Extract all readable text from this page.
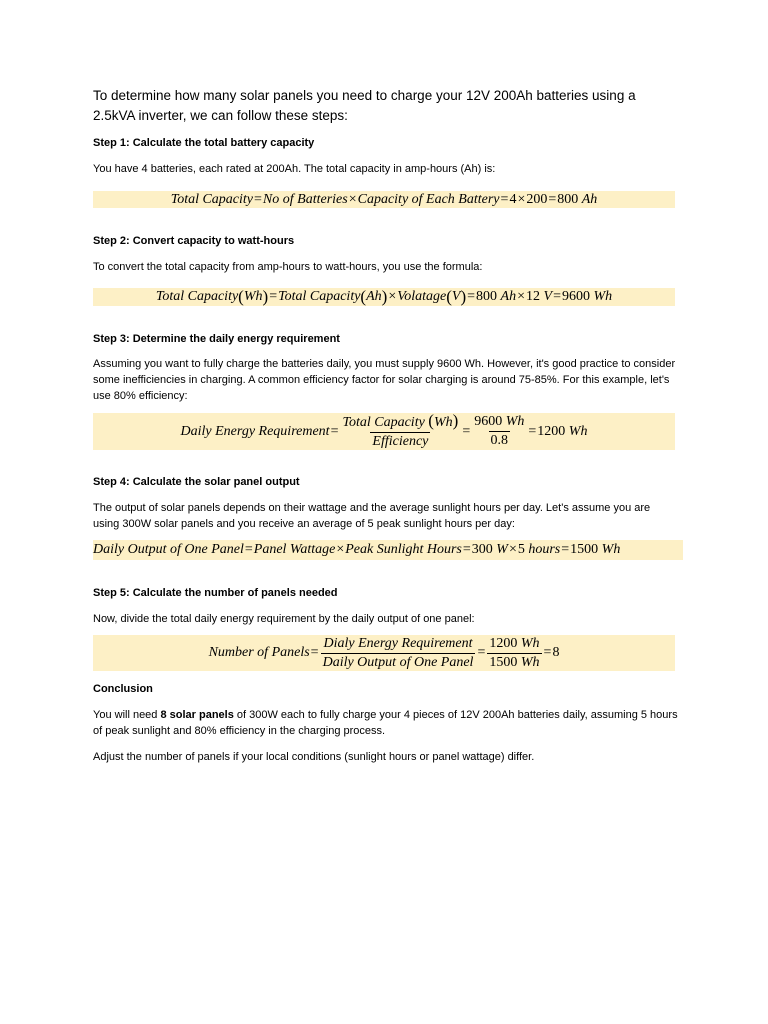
To determine how many solar panels you need to charge your 12V 200Ah batteries using a 2.5kVA inverter, we can follow these steps:
Step 1: Calculate the total battery capacity
You have 4 batteries, each rated at 200Ah. The total capacity in amp-hours (Ah) is:
Total Capacity = No of Batteries × Capacity of Each Battery = 4 × 200 = 800
Ah
Step 2: Convert capacity to watt-hours
To convert the total capacity from amp-hours to watt-hours, you use the formula:
Total Capacity ( Wh ) = Total Capacity ( Ah ) × Volatage ( V ) = 800
Ah × 12
V = 9600
Wh
Step 3: Determine the daily energy requirement
Assuming you want to fully charge the batteries daily, you must supply 9600 Wh. However, it's good practice to consider some inefficiencies in charging. A common efficiency factor for solar charging is around 75-85%. For this example, let's use 80% efficiency:
Daily Energy Requirement = $\frac{\text{Total Capacity (Wh)}}{\text{Efficiency}} = \frac{9600 Wh}{0.8} = 1200$
Wh
Step 4: Calculate the solar panel output
The output of solar panels depends on their wattage and the average sunlight hours per day. Let's assume you are using 300W solar panels and you receive an average of 5 peak sunlight hours per day:
Daily Output of One Panel = Panel Wattage × Peak Sunlight Hours = 300
W × 5
hours = 1500
Wh
Step 5: Calculate the number of panels needed
Now, divide the total daily energy requirement by the daily output of one panel:
Number of Panels = $\frac{\text{Dialy Energy Requirement}}{\text{Daily Output of One Panel}} = \frac{1200 Wh}{1500 Wh} = 8$
Conclusion
You will need 8 solar panels of 300W each to fully charge your 4 pieces of 12V 200Ah batteries daily, assuming 5 hours of peak sunlight and 80% efficiency in the charging process.
Adjust the number of panels if your local conditions (sunlight hours or panel wattage) differ.
